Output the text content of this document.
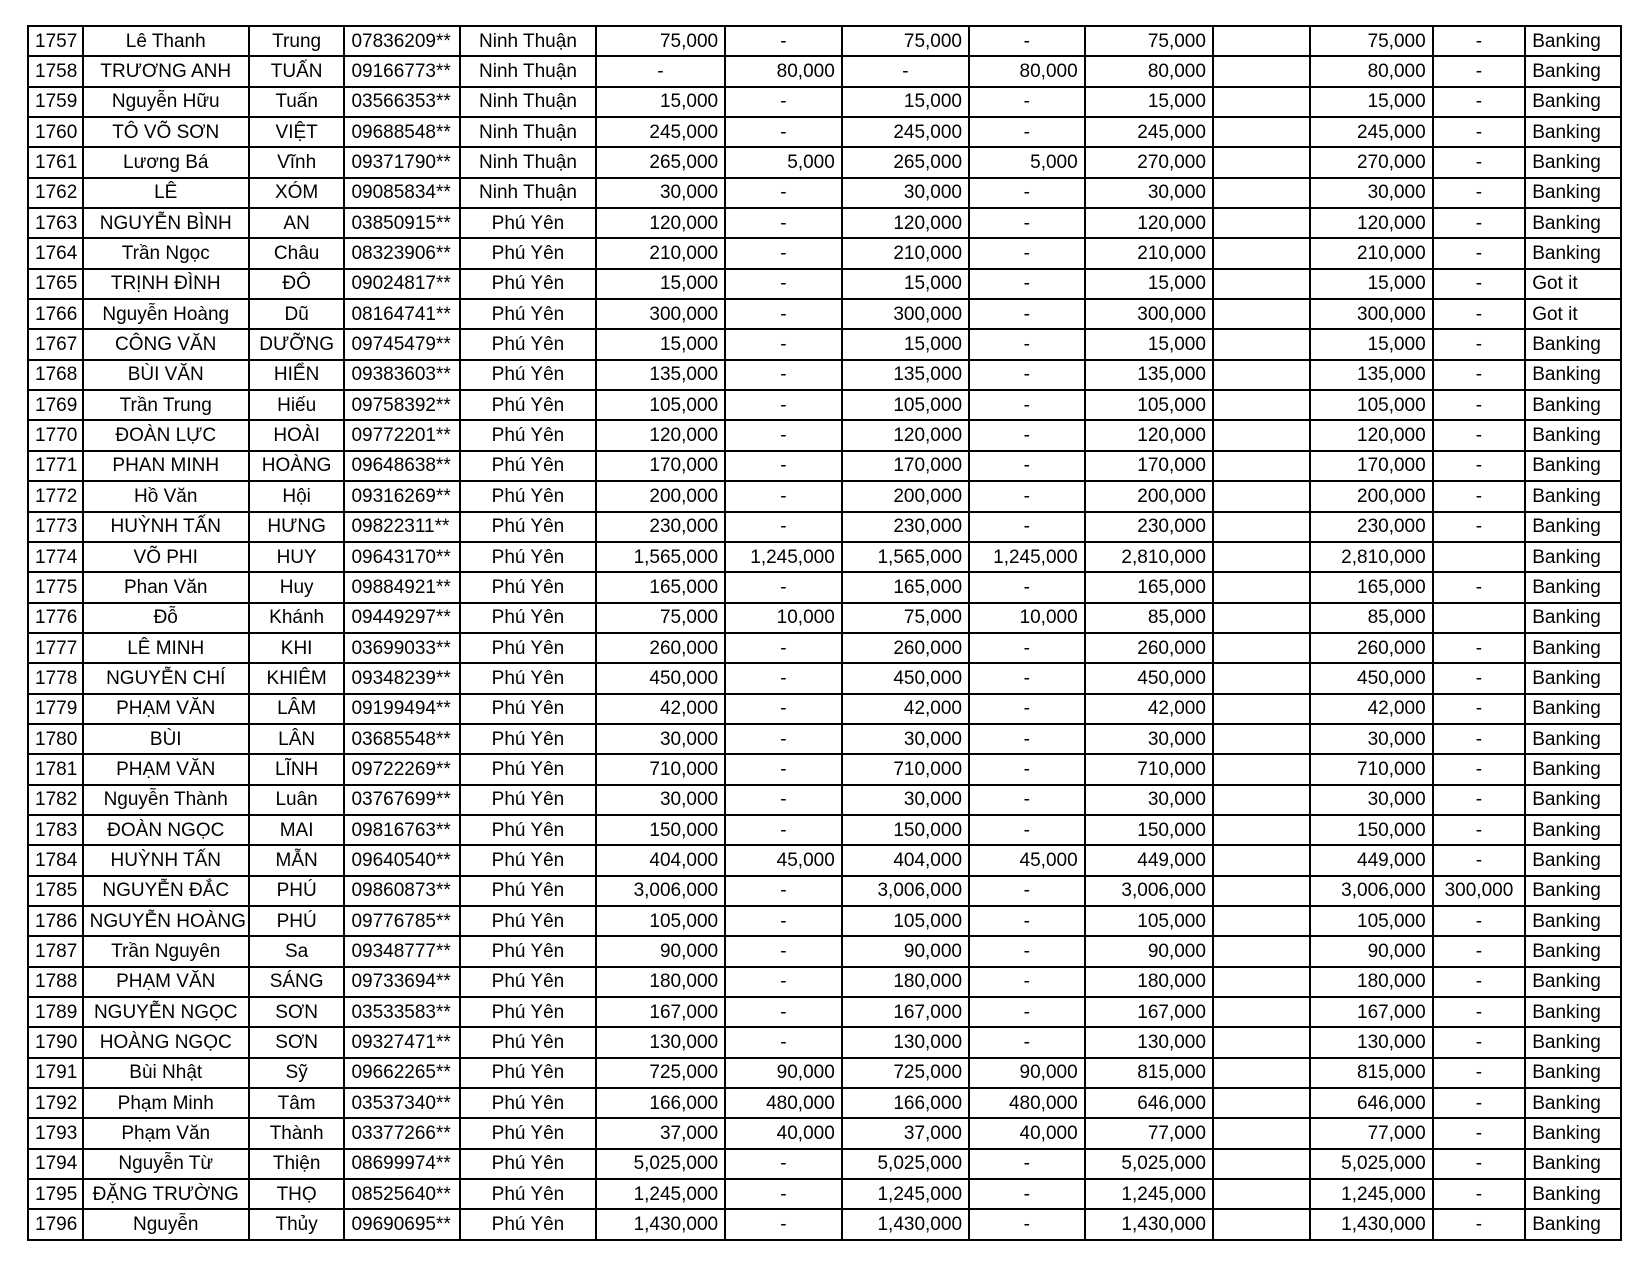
1757	Lê Thanh	Trung	07836209**	Ninh Thuận	75,000	-	75,000	-	75,000		75,000	-	Banking
1758	TRƯƠNG ANH	TUẤN	09166773**	Ninh Thuận	-	80,000	-	80,000	80,000		80,000	-	Banking
1759	Nguyễn Hữu	Tuấn	03566353**	Ninh Thuận	15,000	-	15,000	-	15,000		15,000	-	Banking
1760	TÔ VÕ SƠN	VIỆT	09688548**	Ninh Thuận	245,000	-	245,000	-	245,000		245,000	-	Banking
1761	Lương Bá	Vĩnh	09371790**	Ninh Thuận	265,000	5,000	265,000	5,000	270,000		270,000	-	Banking
1762	LÊ	XÓM	09085834**	Ninh Thuận	30,000	-	30,000	-	30,000		30,000	-	Banking
1763	NGUYỄN BÌNH	AN	03850915**	Phú Yên	120,000	-	120,000	-	120,000		120,000	-	Banking
1764	Trần Ngọc	Châu	08323906**	Phú Yên	210,000	-	210,000	-	210,000		210,000	-	Banking
1765	TRỊNH ĐÌNH	ĐÔ	09024817**	Phú Yên	15,000	-	15,000	-	15,000		15,000	-	Got it
1766	Nguyễn Hoàng	Dũ	08164741**	Phú Yên	300,000	-	300,000	-	300,000		300,000	-	Got it
1767	CÔNG VĂN	DƯỠNG	09745479**	Phú Yên	15,000	-	15,000	-	15,000		15,000	-	Banking
1768	BÙI VĂN	HIỂN	09383603**	Phú Yên	135,000	-	135,000	-	135,000		135,000	-	Banking
1769	Trần Trung	Hiếu	09758392**	Phú Yên	105,000	-	105,000	-	105,000		105,000	-	Banking
1770	ĐOÀN LỰC	HOÀI	09772201**	Phú Yên	120,000	-	120,000	-	120,000		120,000	-	Banking
1771	PHAN MINH	HOÀNG	09648638**	Phú Yên	170,000	-	170,000	-	170,000		170,000	-	Banking
1772	Hồ Văn	Hội	09316269**	Phú Yên	200,000	-	200,000	-	200,000		200,000	-	Banking
1773	HUỲNH TẤN	HƯNG	09822311**	Phú Yên	230,000	-	230,000	-	230,000		230,000	-	Banking
1774	VÕ PHI	HUY	09643170**	Phú Yên	1,565,000	1,245,000	1,565,000	1,245,000	2,810,000		2,810,000		Banking
1775	Phan Văn	Huy	09884921**	Phú Yên	165,000	-	165,000	-	165,000		165,000	-	Banking
1776	Đỗ	Khánh	09449297**	Phú Yên	75,000	10,000	75,000	10,000	85,000		85,000		Banking
1777	LÊ MINH	KHI	03699033**	Phú Yên	260,000	-	260,000	-	260,000		260,000	-	Banking
1778	NGUYỄN CHÍ	KHIÊM	09348239**	Phú Yên	450,000	-	450,000	-	450,000		450,000	-	Banking
1779	PHẠM VĂN	LÂM	09199494**	Phú Yên	42,000	-	42,000	-	42,000		42,000	-	Banking
1780	BÙI	LÂN	03685548**	Phú Yên	30,000	-	30,000	-	30,000		30,000	-	Banking
1781	PHẠM VĂN	LĨNH	09722269**	Phú Yên	710,000	-	710,000	-	710,000		710,000	-	Banking
1782	Nguyễn Thành	Luân	03767699**	Phú Yên	30,000	-	30,000	-	30,000		30,000	-	Banking
1783	ĐOÀN NGỌC	MAI	09816763**	Phú Yên	150,000	-	150,000	-	150,000		150,000	-	Banking
1784	HUỲNH TẤN	MẪN	09640540**	Phú Yên	404,000	45,000	404,000	45,000	449,000		449,000	-	Banking
1785	NGUYỄN ĐẮC	PHÚ	09860873**	Phú Yên	3,006,000	-	3,006,000	-	3,006,000		3,006,000	300,000	Banking
1786	NGUYỄN HOÀNG	PHÚ	09776785**	Phú Yên	105,000	-	105,000	-	105,000		105,000	-	Banking
1787	Trần Nguyên	Sa	09348777**	Phú Yên	90,000	-	90,000	-	90,000		90,000	-	Banking
1788	PHẠM VĂN	SÁNG	09733694**	Phú Yên	180,000	-	180,000	-	180,000		180,000	-	Banking
1789	NGUYỄN NGỌC	SƠN	03533583**	Phú Yên	167,000	-	167,000	-	167,000		167,000	-	Banking
1790	HOÀNG NGỌC	SƠN	09327471**	Phú Yên	130,000	-	130,000	-	130,000		130,000	-	Banking
1791	Bùi Nhật	Sỹ	09662265**	Phú Yên	725,000	90,000	725,000	90,000	815,000		815,000	-	Banking
1792	Phạm Minh	Tâm	03537340**	Phú Yên	166,000	480,000	166,000	480,000	646,000		646,000	-	Banking
1793	Phạm Văn	Thành	03377266**	Phú Yên	37,000	40,000	37,000	40,000	77,000		77,000	-	Banking
1794	Nguyễn Từ	Thiện	08699974**	Phú Yên	5,025,000	-	5,025,000	-	5,025,000		5,025,000	-	Banking
1795	ĐẶNG TRƯỜNG	THỌ	08525640**	Phú Yên	1,245,000	-	1,245,000	-	1,245,000		1,245,000	-	Banking
1796	Nguyễn	Thủy	09690695**	Phú Yên	1,430,000	-	1,430,000	-	1,430,000		1,430,000	-	Banking
